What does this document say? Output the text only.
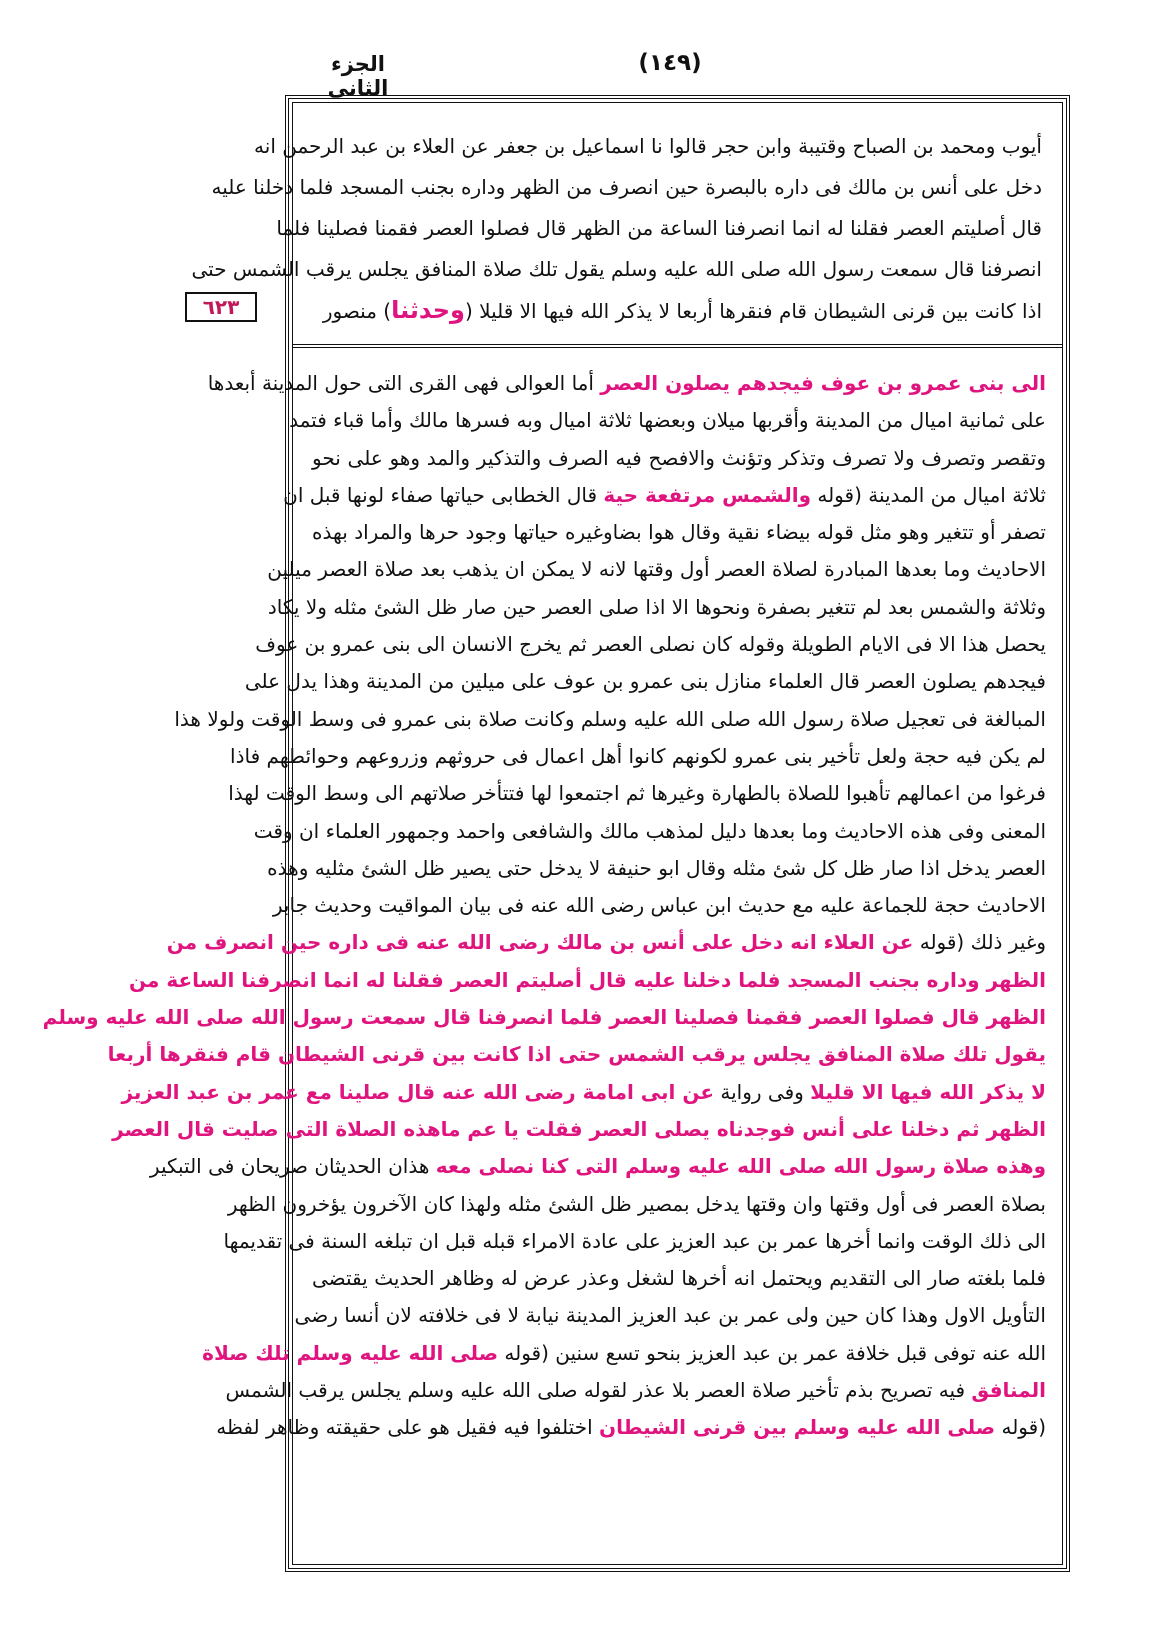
الجزء الثانى
(١٤٩)
٦٢٣
أيوب ومحمد بن الصباح وقتيبة وابن حجر قالوا نا اسماعيل بن جعفر عن العلاء بن عبد الرحمن انه
دخل على أنس بن مالك فى داره بالبصرة حين انصرف من الظهر وداره بجنب المسجد فلما دخلنا عليه
قال أصليتم العصر فقلنا له انما انصرفنا الساعة من الظهر قال فصلوا العصر فقمنا فصلينا فلما
انصرفنا قال سمعت رسول الله صلى الله عليه وسلم يقول تلك صلاة المنافق يجلس يرقب الشمس حتى
اذا كانت بين قرنى الشيطان قام فنقرها أربعا لا يذكر الله فيها الا قليلا (وحدثنا) منصور
الى بنى عمرو بن عوف فيجدهم يصلون العصر أما العوالى فهى القرى التى حول المدينة أبعدها
على ثمانية اميال من المدينة وأقربها ميلان وبعضها ثلاثة اميال وبه فسرها مالك وأما قباء فتمد
وتقصر وتصرف ولا تصرف وتذكر وتؤنث والافصح فيه الصرف والتذكير والمد وهو على نحو
ثلاثة اميال من المدينة (قوله والشمس مرتفعة حية قال الخطابى حياتها صفاء لونها قبل ان
تصفر أو تتغير وهو مثل قوله بيضاء نقية وقال هوا بضاوغيره حياتها وجود حرها والمراد بهذه
الاحاديث وما بعدها المبادرة لصلاة العصر أول وقتها لانه لا يمكن ان يذهب بعد صلاة العصر ميلين
وثلاثة والشمس بعد لم تتغير بصفرة ونحوها الا اذا صلى العصر حين صار ظل الشئ مثله ولا يكاد
يحصل هذا الا فى الايام الطويلة وقوله كان نصلى العصر ثم يخرج الانسان الى بنى عمرو بن عوف
فيجدهم يصلون العصر قال العلماء منازل بنى عمرو بن عوف على ميلين من المدينة وهذا يدل على
المبالغة فى تعجيل صلاة رسول الله صلى الله عليه وسلم وكانت صلاة بنى عمرو فى وسط الوقت ولولا هذا
لم يكن فيه حجة ولعل تأخير بنى عمرو لكونهم كانوا أهل اعمال فى حروثهم وزروعهم وحوائطهم فاذا
فرغوا من اعمالهم تأهبوا للصلاة بالطهارة وغيرها ثم اجتمعوا لها فتتأخر صلاتهم الى وسط الوقت لهذا
المعنى وفى هذه الاحاديث وما بعدها دليل لمذهب مالك والشافعى واحمد وجمهور العلماء ان وقت
العصر يدخل اذا صار ظل كل شئ مثله وقال ابو حنيفة لا يدخل حتى يصير ظل الشئ مثليه وهذه
الاحاديث حجة للجماعة عليه مع حديث ابن عباس رضى الله عنه فى بيان المواقيت وحديث جابر
وغير ذلك (قوله عن العلاء انه دخل على أنس بن مالك رضى الله عنه فى داره حين انصرف من
الظهر وداره بجنب المسجد فلما دخلنا عليه قال أصليتم العصر فقلنا له انما انصرفنا الساعة من
الظهر قال فصلوا العصر فقمنا فصلينا العصر فلما انصرفنا قال سمعت رسول الله صلى الله عليه وسلم
يقول تلك صلاة المنافق يجلس يرقب الشمس حتى اذا كانت بين قرنى الشيطان قام فنقرها أربعا
لا يذكر الله فيها الا قليلا وفى رواية عن ابى امامة رضى الله عنه قال صلينا مع عمر بن عبد العزيز
الظهر ثم دخلنا على أنس فوجدناه يصلى العصر فقلت يا عم ماهذه الصلاة التى صليت قال العصر
وهذه صلاة رسول الله صلى الله عليه وسلم التى كنا نصلى معه هذان الحديثان صريحان فى التبكير
بصلاة العصر فى أول وقتها وان وقتها يدخل بمصير ظل الشئ مثله ولهذا كان الآخرون يؤخرون الظهر
الى ذلك الوقت وانما أخرها عمر بن عبد العزيز على عادة الامراء قبله قبل ان تبلغه السنة فى تقديمها
فلما بلغته صار الى التقديم ويحتمل انه أخرها لشغل وعذر عرض له وظاهر الحديث يقتضى
التأويل الاول وهذا كان حين ولى عمر بن عبد العزيز المدينة نيابة لا فى خلافته لان أنسا رضى
الله عنه توفى قبل خلافة عمر بن عبد العزيز بنحو تسع سنين (قوله صلى الله عليه وسلم تلك صلاة
المنافق فيه تصريح بذم تأخير صلاة العصر بلا عذر لقوله صلى الله عليه وسلم يجلس يرقب الشمس
(قوله صلى الله عليه وسلم بين قرنى الشيطان اختلفوا فيه فقيل هو على حقيقته وظاهر لفظه
